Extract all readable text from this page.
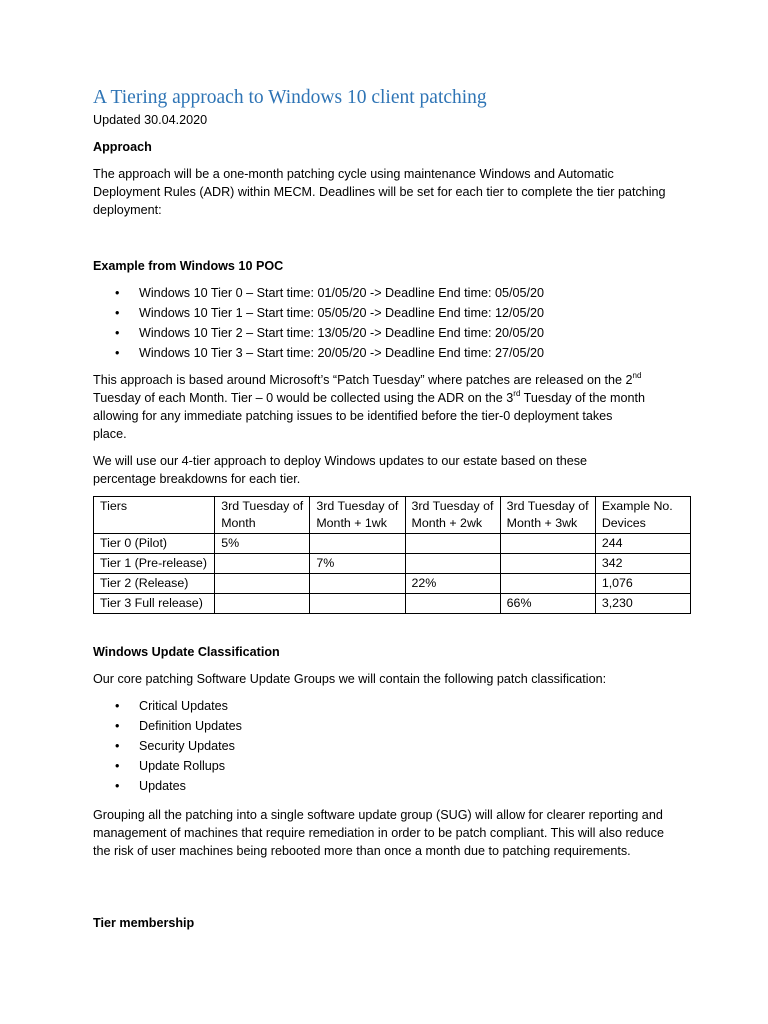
A Tiering approach to Windows 10 client patching
Updated 30.04.2020
Approach
The approach will be a one-month patching cycle using maintenance Windows and Automatic Deployment Rules (ADR) within MECM. Deadlines will be set for each tier to complete the tier patching deployment:
Example from Windows 10 POC
• Windows 10 Tier 0 – Start time: 01/05/20 -> Deadline End time: 05/05/20
• Windows 10 Tier 1 – Start time: 05/05/20 -> Deadline End time: 12/05/20
• Windows 10 Tier 2 – Start time: 13/05/20 -> Deadline End time: 20/05/20
• Windows 10 Tier 3 – Start time: 20/05/20 -> Deadline End time: 27/05/20
This approach is based around Microsoft’s “Patch Tuesday” where patches are released on the 2nd
Tuesday of each Month. Tier – 0 would be collected using the ADR on the 3rd Tuesday of the month
allowing for any immediate patching issues to be identified before the tier-0 deployment takes
place.
We will use our 4-tier approach to deploy Windows updates to our estate based on these percentage breakdowns for each tier.
Tiers	3rd Tuesday of Month	3rd Tuesday of Month + 1wk	3rd Tuesday of Month + 2wk	3rd Tuesday of Month + 3wk	Example No. Devices
Tier 0 (Pilot)	5%				244
Tier 1 (Pre-release)		7%			342
Tier 2 (Release)			22%		1,076
Tier 3 Full release)				66%	3,230
Windows Update Classification
Our core patching Software Update Groups we will contain the following patch classification:
• Critical Updates
• Definition Updates
• Security Updates
• Update Rollups
• Updates
Grouping all the patching into a single software update group (SUG) will allow for clearer reporting and management of machines that require remediation in order to be patch compliant. This will also reduce the risk of user machines being rebooted more than once a month due to patching requirements.
Tier membership
